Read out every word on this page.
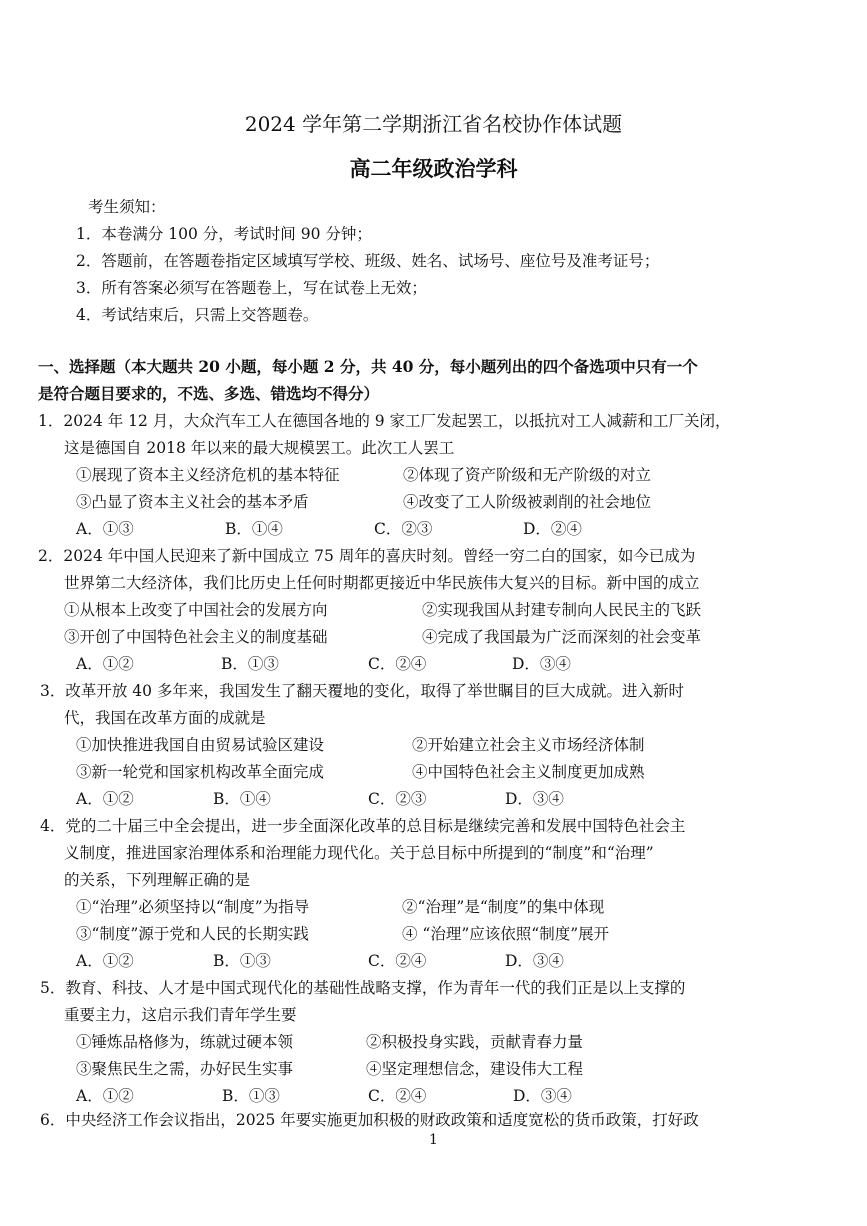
2024 学年第二学期浙江省名校协作体试题
高二年级政治学科
考生须知：
1．本卷满分 100 分，考试时间 90 分钟；
2．答题前，在答题卷指定区域填写学校、班级、姓名、试场号、座位号及准考证号；
3．所有答案必须写在答题卷上，写在试卷上无效；
4．考试结束后，只需上交答题卷。
一、选择题（本大题共 20 小题，每小题 2 分，共 40 分，每小题列出的四个备选项中只有一个
是符合题目要求的，不选、多选、错选均不得分）
1．2024 年 12 月，大众汽车工人在德国各地的 9 家工厂发起罢工，以抵抗对工人减薪和工厂关闭，
这是德国自 2018 年以来的最大规模罢工。此次工人罢工
①展现了资本主义经济危机的基本特征	②体现了资产阶级和无产阶级的对立
③凸显了资本主义社会的基本矛盾	④改变了工人阶级被剥削的社会地位
A．①③	B．①④	C．②③	D．②④
2．2024 年中国人民迎来了新中国成立 75 周年的喜庆时刻。曾经一穷二白的国家，如今已成为
世界第二大经济体，我们比历史上任何时期都更接近中华民族伟大复兴的目标。新中国的成立
①从根本上改变了中国社会的发展方向	②实现我国从封建专制向人民民主的飞跃
③开创了中国特色社会主义的制度基础	④完成了我国最为广泛而深刻的社会变革
A．①②	B．①③	C．②④	D．③④
3．改革开放 40 多年来，我国发生了翻天覆地的变化，取得了举世瞩目的巨大成就。进入新时
代，我国在改革方面的成就是
①加快推进我国自由贸易试验区建设	②开始建立社会主义市场经济体制
③新一轮党和国家机构改革全面完成	④中国特色社会主义制度更加成熟
A．①②	B．①④	C．②③	D．③④
4．党的二十届三中全会提出，进一步全面深化改革的总目标是继续完善和发展中国特色社会主
义制度，推进国家治理体系和治理能力现代化。关于总目标中所提到的“制度”和“治理”
的关系，下列理解正确的是
①“治理”必须坚持以“制度”为指导	②“治理”是“制度”的集中体现
③“制度”源于党和人民的长期实践	④ “治理”应该依照“制度”展开
A．①②	B．①③	C．②④	D．③④
5．教育、科技、人才是中国式现代化的基础性战略支撑，作为青年一代的我们正是以上支撑的
重要主力，这启示我们青年学生要
①锤炼品格修为，练就过硬本领	②积极投身实践，贡献青春力量
③聚焦民生之需，办好民生实事	④坚定理想信念，建设伟大工程
A．①②	B．①③	C．②④	D．③④
6．中央经济工作会议指出，2025 年要实施更加积极的财政政策和适度宽松的货币政策，打好政
1
